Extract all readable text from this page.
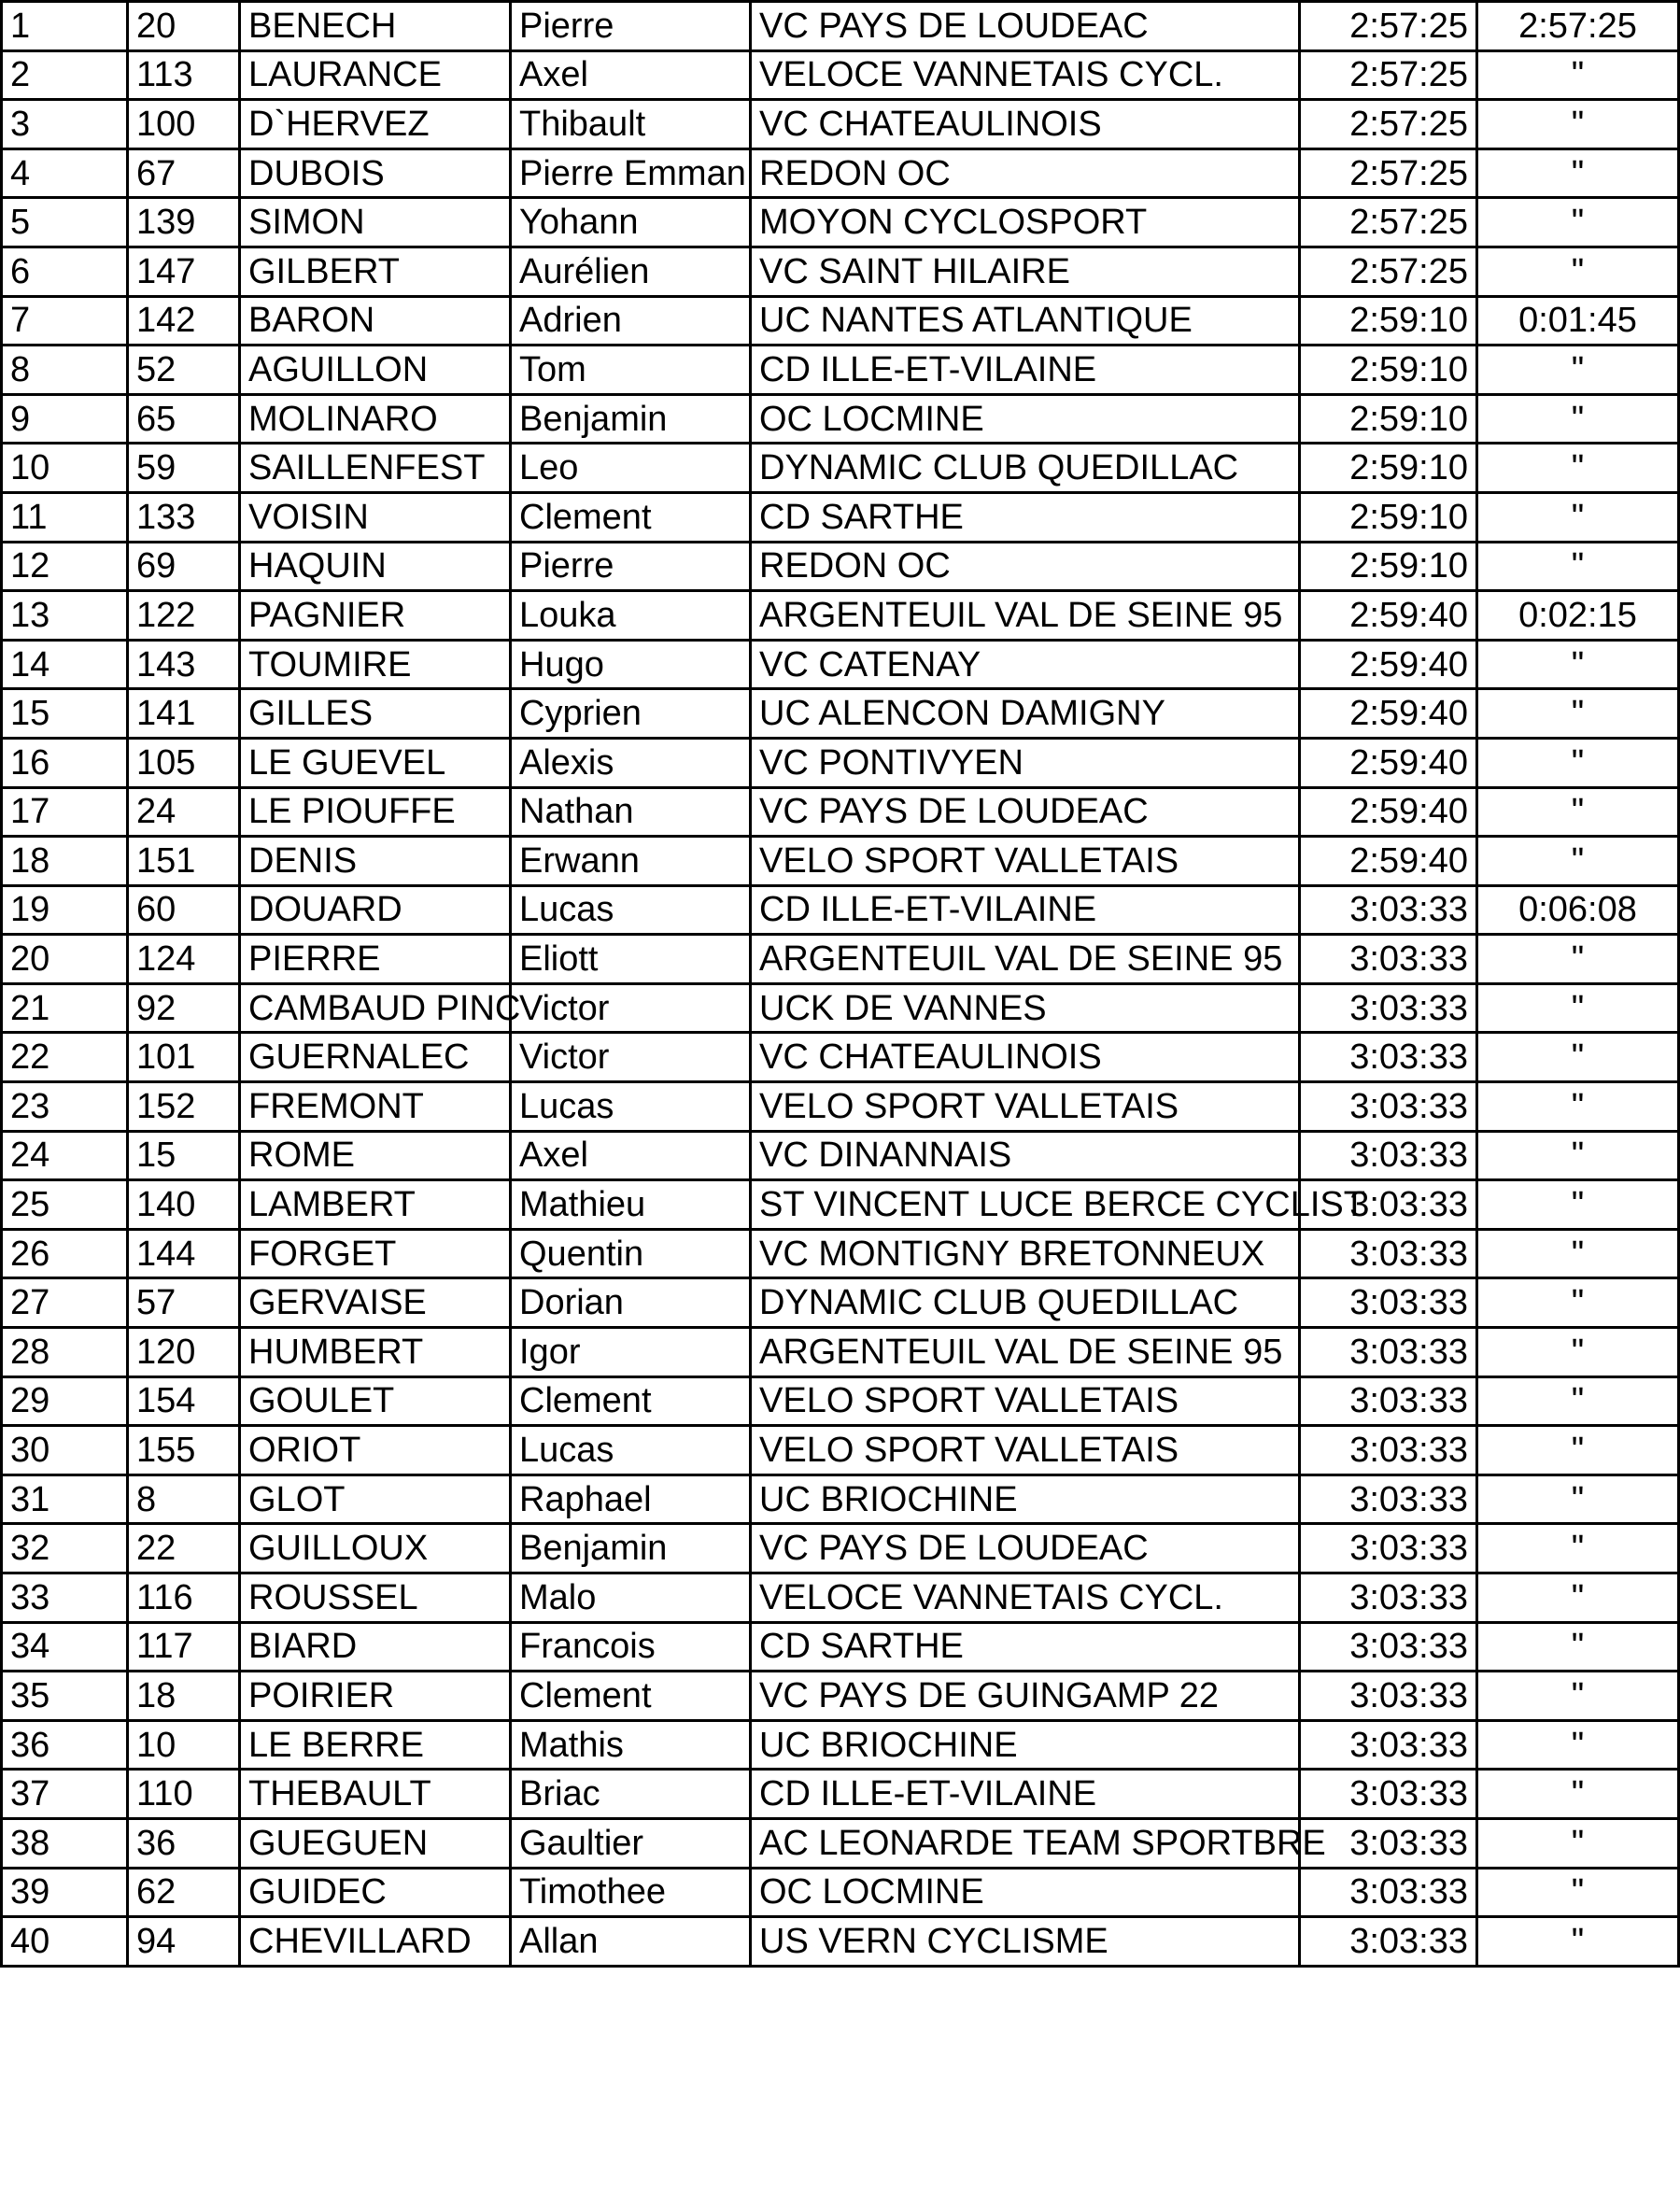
1	20	BENECH	Pierre	VC PAYS DE LOUDEAC	2:57:25	2:57:25
2	113	LAURANCE	Axel	VELOCE VANNETAIS CYCL.	2:57:25	"
3	100	D`HERVEZ	Thibault	VC CHATEAULINOIS	2:57:25	"
4	67	DUBOIS	Pierre Emman	REDON OC	2:57:25	"
5	139	SIMON	Yohann	MOYON CYCLOSPORT	2:57:25	"
6	147	GILBERT	Aurélien	VC SAINT HILAIRE	2:57:25	"
7	142	BARON	Adrien	UC NANTES ATLANTIQUE	2:59:10	0:01:45
8	52	AGUILLON	Tom	CD ILLE-ET-VILAINE	2:59:10	"
9	65	MOLINARO	Benjamin	OC LOCMINE	2:59:10	"
10	59	SAILLENFEST	Leo	DYNAMIC CLUB QUEDILLAC	2:59:10	"
11	133	VOISIN	Clement	CD SARTHE	2:59:10	"
12	69	HAQUIN	Pierre	REDON OC	2:59:10	"
13	122	PAGNIER	Louka	ARGENTEUIL VAL DE SEINE 95	2:59:40	0:02:15
14	143	TOUMIRE	Hugo	VC CATENAY	2:59:40	"
15	141	GILLES	Cyprien	UC ALENCON DAMIGNY	2:59:40	"
16	105	LE GUEVEL	Alexis	VC PONTIVYEN	2:59:40	"
17	24	LE PIOUFFE	Nathan	VC PAYS DE LOUDEAC	2:59:40	"
18	151	DENIS	Erwann	VELO SPORT VALLETAIS	2:59:40	"
19	60	DOUARD	Lucas	CD ILLE-ET-VILAINE	3:03:33	0:06:08
20	124	PIERRE	Eliott	ARGENTEUIL VAL DE SEINE 95	3:03:33	"
21	92	CAMBAUD PINC	Victor	UCK DE VANNES	3:03:33	"
22	101	GUERNALEC	Victor	VC CHATEAULINOIS	3:03:33	"
23	152	FREMONT	Lucas	VELO SPORT VALLETAIS	3:03:33	"
24	15	ROME	Axel	VC DINANNAIS	3:03:33	"
25	140	LAMBERT	Mathieu	ST VINCENT LUCE BERCE CYCLIST	3:03:33	"
26	144	FORGET	Quentin	VC MONTIGNY BRETONNEUX	3:03:33	"
27	57	GERVAISE	Dorian	DYNAMIC CLUB QUEDILLAC	3:03:33	"
28	120	HUMBERT	Igor	ARGENTEUIL VAL DE SEINE 95	3:03:33	"
29	154	GOULET	Clement	VELO SPORT VALLETAIS	3:03:33	"
30	155	ORIOT	Lucas	VELO SPORT VALLETAIS	3:03:33	"
31	8	GLOT	Raphael	UC BRIOCHINE	3:03:33	"
32	22	GUILLOUX	Benjamin	VC PAYS DE LOUDEAC	3:03:33	"
33	116	ROUSSEL	Malo	VELOCE VANNETAIS CYCL.	3:03:33	"
34	117	BIARD	Francois	CD SARTHE	3:03:33	"
35	18	POIRIER	Clement	VC PAYS DE GUINGAMP 22	3:03:33	"
36	10	LE BERRE	Mathis	UC BRIOCHINE	3:03:33	"
37	110	THEBAULT	Briac	CD ILLE-ET-VILAINE	3:03:33	"
38	36	GUEGUEN	Gaultier	AC LEONARDE TEAM SPORTBRE	3:03:33	"
39	62	GUIDEC	Timothee	OC LOCMINE	3:03:33	"
40	94	CHEVILLARD	Allan	US VERN CYCLISME	3:03:33	"
